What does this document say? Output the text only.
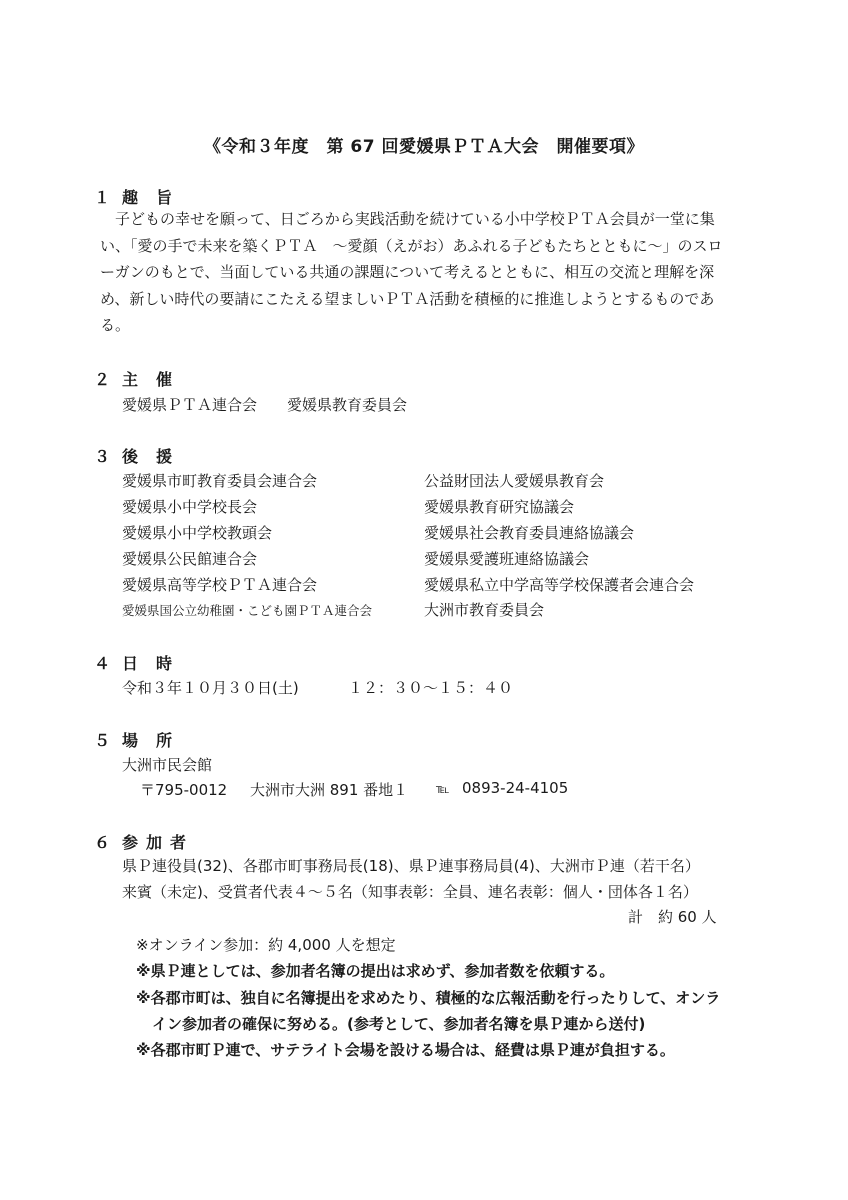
《令和３年度　第 67 回愛媛県ＰＴＡ大会　開催要項》
１ 趣旨
　子どもの幸せを願って、日ごろから実践活動を続けている小中学校ＰＴＡ会員が一堂に集
い、「愛の手で未来を築くＰＴＡ　～愛顔（えがお）あふれる子どもたちとともに～」のスロ
ーガンのもとで、当面している共通の課題について考えるとともに、相互の交流と理解を深
め、新しい時代の要請にこたえる望ましいＰＴＡ活動を積極的に推進しようとするものであ
る。
２ 主催
愛媛県ＰＴＡ連合会　　愛媛県教育委員会
３ 後援
愛媛県市町教育委員会連合会
愛媛県小中学校長会
愛媛県小中学校教頭会
愛媛県公民館連合会
愛媛県高等学校ＰＴＡ連合会
愛媛県国公立幼稚園・こども園ＰＴＡ連合会
公益財団法人愛媛県教育会
愛媛県教育研究協議会
愛媛県社会教育委員連絡協議会
愛媛県愛護班連絡協議会
愛媛県私立中学高等学校保護者会連合会
大洲市教育委員会
４ 日時
令和３年１０月３０日(土)	１２：３０～１５：４０
５ 場所
大洲市民会館
〒795-0012 大洲市大洲 891 番地１ ℡ 0893-24-4105
６ 参加者
県Ｐ連役員(32)、各郡市町事務局長(18)、県Ｐ連事務局員(4)、大洲市Ｐ連（若干名）
来賓（未定)、受賞者代表４～５名（知事表彰：全員、連名表彰：個人・団体各１名）
計　約 60 人
※オンライン参加：約 4,000 人を想定
※県Ｐ連としては、参加者名簿の提出は求めず、参加者数を依頼する。
※各郡市町は、独自に名簿提出を求めたり、積極的な広報活動を行ったりして、オンラ
イン参加者の確保に努める。(参考として、参加者名簿を県Ｐ連から送付)
※各郡市町Ｐ連で、サテライト会場を設ける場合は、経費は県Ｐ連が負担する。
